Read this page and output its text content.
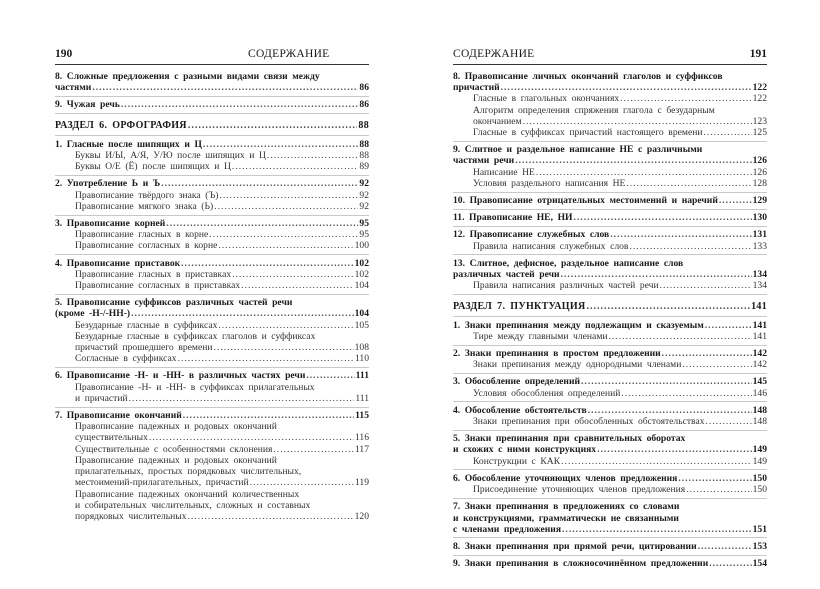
190	СОДЕРЖАНИЕ
8. Сложные предложения с разными видами связи между
частями .....	86
9. Чужая речь .....	86
РАЗДЕЛ 6. ОРФОГРАФИЯ .....	88
1. Гласные после шипящих и Ц .....	88
Буквы И/Ы, А/Я, У/Ю после шипящих и Ц .....	88
Буквы О/Е (Ё) после шипящих и Ц .....	89
2. Употребление Ь и Ъ .....	92
Правописание твёрдого знака (Ъ) .....	92
Правописание мягкого знака (Ь) .....	92
3. Правописание корней .....	95
Правописание гласных в корне .....	95
Правописание согласных в корне .....	100
4. Правописание приставок .....	102
Правописание гласных в приставках .....	102
Правописание согласных в приставках .....	104
5. Правописание суффиксов различных частей речи
(кроме -Н-/-НН-) .....	104
Безударные гласные в суффиксах .....	105
Безударные гласные в суффиксах глаголов и суффиксах
причастий прошедшего времени .....	108
Согласные в суффиксах .....	110
6. Правописание -Н- и -НН- в различных частях речи .....	111
Правописание -Н- и -НН- в суффиксах прилагательных
и причастий .....	111
7. Правописание окончаний .....	115
Правописание падежных и родовых окончаний
существительных .....	116
Существительные с особенностями склонения .....	117
Правописание падежных и родовых окончаний
прилагательных, простых порядковых числительных,
местоимений-прилагательных, причастий .....	119
Правописание падежных окончаний количественных
и собирательных числительных, сложных и составных
порядковых числительных .....	120
СОДЕРЖАНИЕ	191
8. Правописание личных окончаний глаголов и суффиксов
причастий .....	122
Гласные в глагольных окончаниях .....	122
Алгоритм определения спряжения глагола с безударным
окончанием .....	123
Гласные в суффиксах причастий настоящего времени .....	125
9. Слитное и раздельное написание НЕ с различными
частями речи .....	126
Написание НЕ .....	126
Условия раздельного написания НЕ .....	128
10. Правописание отрицательных местоимений и наречий .....	129
11. Правописание НЕ, НИ .....	130
12. Правописание служебных слов .....	131
Правила написания служебных слов .....	133
13. Слитное, дефисное, раздельное написание слов
различных частей речи .....	134
Правила написания различных частей речи .....	134
РАЗДЕЛ 7. ПУНКТУАЦИЯ .....	141
1. Знаки препинания между подлежащим и сказуемым .....	141
Тире между главными членами .....	141
2. Знаки препинания в простом предложении .....	142
Знаки препинания между однородными членами .....	142
3. Обособление определений .....	145
Условия обособления определений .....	146
4. Обособление обстоятельств .....	148
Знаки препинания при обособленных обстоятельствах .....	148
5. Знаки препинания при сравнительных оборотах
и схожих с ними конструкциях .....	149
Конструкции с КАК .....	149
6. Обособление уточняющих членов предложения .....	150
Присоединение уточняющих членов предложения .....	150
7. Знаки препинания в предложениях со словами
и конструкциями, грамматически не связанными
с членами предложения .....	151
8. Знаки препинания при прямой речи, цитировании .....	153
9. Знаки препинания в сложносочинённом предложении .....	154
